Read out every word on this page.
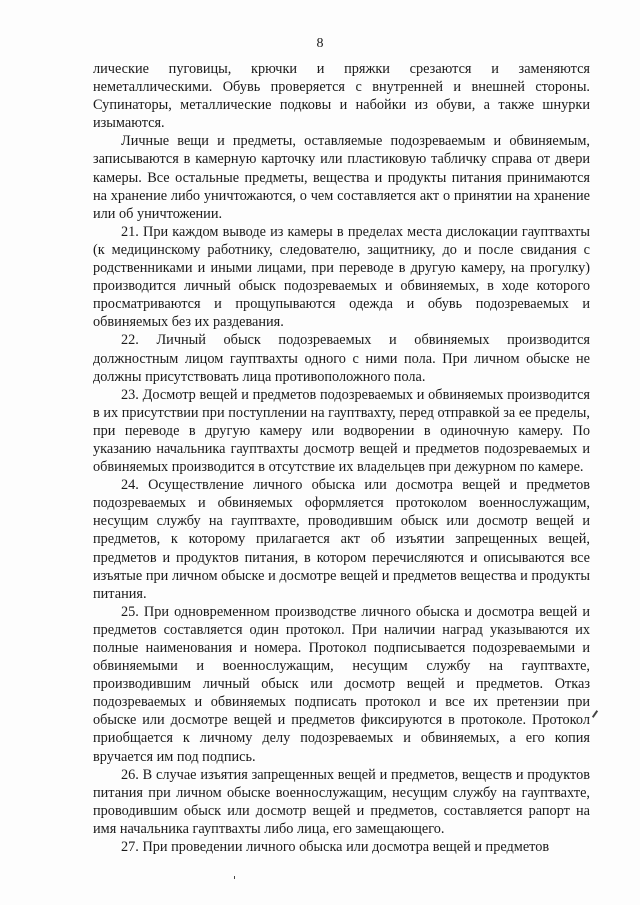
8

лические пуговицы, крючки и пряжки срезаются и заменяются неметаллическими. Обувь проверяется с внутренней и внешней стороны. Супинаторы, металлические подковы и набойки из обуви, а также шнурки изымаются.

Личные вещи и предметы, оставляемые подозреваемым и обвиняемым, записываются в камерную карточку или пластиковую табличку справа от двери камеры. Все остальные предметы, вещества и продукты питания принимаются на хранение либо уничтожаются, о чем составляется акт о принятии на хранение или об уничтожении.

21. При каждом выводе из камеры в пределах места дислокации гауптвахты (к медицинскому работнику, следователю, защитнику, до и после свидания с родственниками и иными лицами, при переводе в другую камеру, на прогулку) производится личный обыск подозреваемых и обвиняемых, в ходе которого просматриваются и прощупываются одежда и обувь подозреваемых и обвиняемых без их раздевания.

22. Личный обыск подозреваемых и обвиняемых производится должностным лицом гауптвахты одного с ними пола. При личном обыске не должны присутствовать лица противоположного пола.

23. Досмотр вещей и предметов подозреваемых и обвиняемых производится в их присутствии при поступлении на гауптвахту, перед отправкой за ее пределы, при переводе в другую камеру или водворении в одиночную камеру. По указанию начальника гауптвахты досмотр вещей и предметов подозреваемых и обвиняемых производится в отсутствие их владельцев при дежурном по камере.

24. Осуществление личного обыска или досмотра вещей и предметов подозреваемых и обвиняемых оформляется протоколом военнослужащим, несущим службу на гауптвахте, проводившим обыск или досмотр вещей и предметов, к которому прилагается акт об изъятии запрещенных вещей, предметов и продуктов питания, в котором перечисляются и описываются все изъятые при личном обыске и досмотре вещей и предметов вещества и продукты питания.

25. При одновременном производстве личного обыска и досмотра вещей и предметов составляется один протокол. При наличии наград указываются их полные наименования и номера. Протокол подписывается подозреваемыми и обвиняемыми и военнослужащим, несущим службу на гауптвахте, производившим личный обыск или досмотр вещей и предметов. Отказ подозреваемых и обвиняемых подписать протокол и все их претензии при обыске или досмотре вещей и предметов фиксируются в протоколе. Протокол приобщается к личному делу подозреваемых и обвиняемых, а его копия вручается им под подпись.

26. В случае изъятия запрещенных вещей и предметов, веществ и продуктов питания при личном обыске военнослужащим, несущим службу на гауптвахте, проводившим обыск или досмотр вещей и предметов, составляется рапорт на имя начальника гауптвахты либо лица, его замещающего.

27. При проведении личного обыска или досмотра вещей и предметов
